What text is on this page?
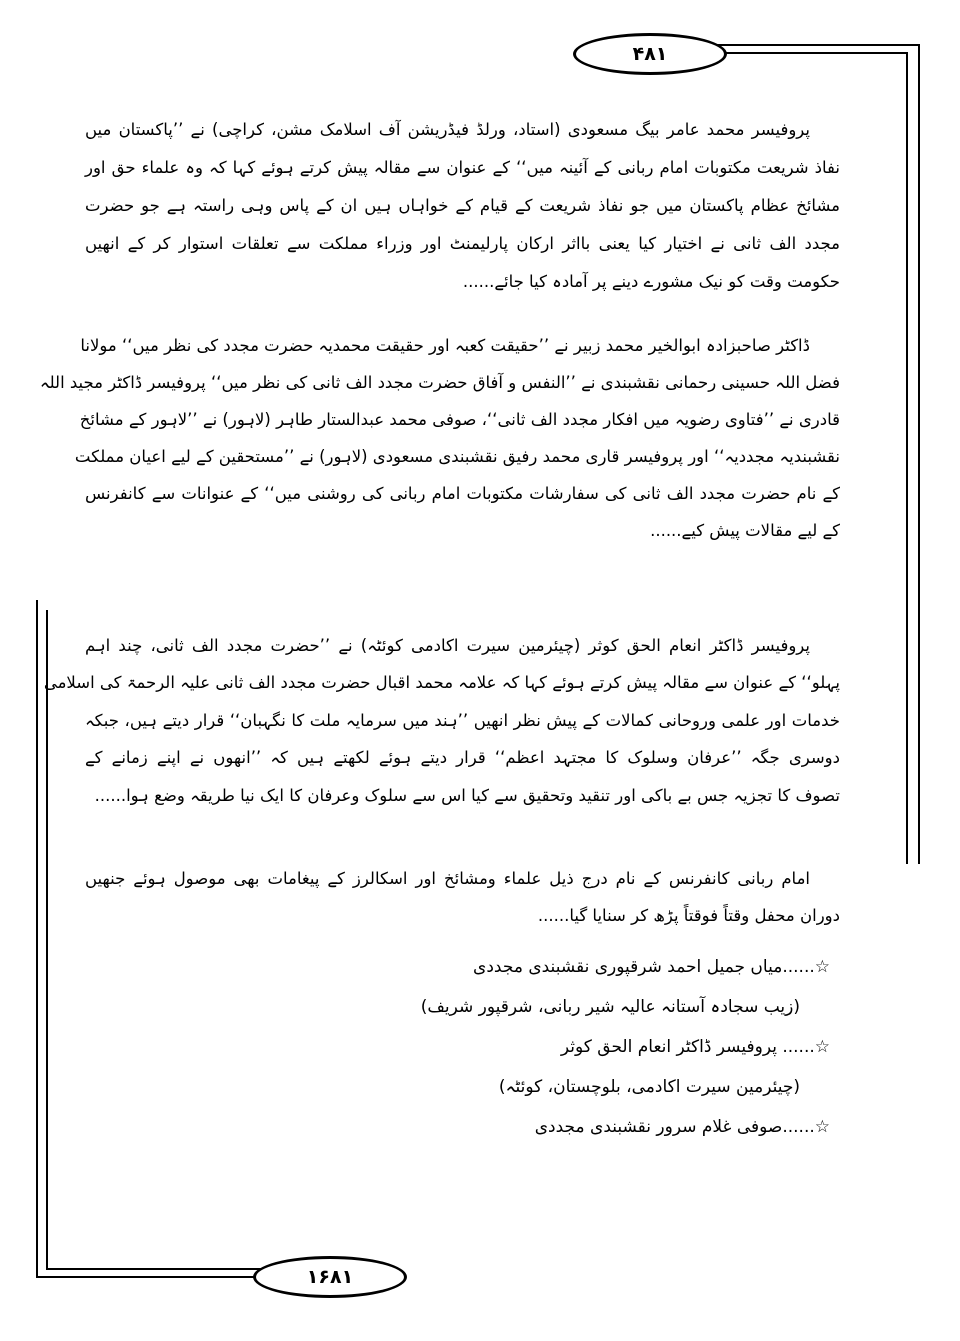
۴۸۱
۱۶۸۱
پروفیسر محمد عامر بیگ مسعودی (استاد، ورلڈ فیڈریشن آف اسلامک مشن، کراچی) نے ’’پاکستان میں
نفاذ شریعت مکتوبات امام ربانی کے آئینہ میں‘‘ کے عنوان سے مقالہ پیش کرتے ہوئے کہا کہ وہ علماء حق اور
مشائخ عظام پاکستان میں جو نفاذ شریعت کے قیام کے خواہاں ہیں ان کے پاس وہی راستہ ہے جو حضرت
مجدد الف ثانی نے اختیار کیا یعنی بااثر ارکان پارلیمنٹ اور وزراء مملکت سے تعلقات استوار کر کے انھیں
حکومت وقت کو نیک مشورے دینے پر آمادہ کیا جائے......
ڈاکٹر صاحبزادہ ابوالخیر محمد زبیر نے ’’حقیقت کعبہ اور حقیقت محمدیہ حضرت مجدد کی نظر میں‘‘ مولانا
فضل اللہ حسینی رحمانی نقشبندی نے ’’النفس و آفاق حضرت مجدد الف ثانی کی نظر میں‘‘ پروفیسر ڈاکٹر مجید اللہ
قادری نے ’’فتاوی رضویہ میں افکار مجدد الف ثانی‘‘، صوفی محمد عبدالستار طاہر (لاہور) نے ’’لاہور کے مشائخ
نقشبندیہ مجددیہ‘‘ اور پروفیسر قاری محمد رفیق نقشبندی مسعودی (لاہور) نے ’’مستحقین کے لیے اعیان مملکت
کے نام حضرت مجدد الف ثانی کی سفارشات مکتوبات امام ربانی کی روشنی میں‘‘ کے عنوانات سے کانفرنس
کے لیے مقالات پیش کیے......
پروفیسر ڈاکٹر انعام الحق کوثر (چیئرمین سیرت اکادمی کوئٹہ) نے ’’حضرت مجدد الف ثانی، چند اہم
پہلو‘‘ کے عنوان سے مقالہ پیش کرتے ہوئے کہا کہ علامہ محمد اقبال حضرت مجدد الف ثانی علیہ الرحمۃ کی اسلامی
خدمات اور علمی وروحانی کمالات کے پیش نظر انھیں ’’ہند میں سرمایہ ملت کا نگہبان‘‘ قرار دیتے ہیں، جبکہ
دوسری جگہ ’’عرفان وسلوک کا مجتہد اعظم‘‘ قرار دیتے ہوئے لکھتے ہیں کہ ’’انھوں نے اپنے زمانے کے
تصوف کا تجزیہ جس بے باکی اور تنقید وتحقیق سے کیا اس سے سلوک وعرفان کا ایک نیا طریقہ وضع ہوا......
امام ربانی کانفرنس کے نام درج ذیل علماء ومشائخ اور اسکالرز کے پیغامات بھی موصول ہوئے جنھیں
دوران محفل وقتاً فوقتاً پڑھ کر سنایا گیا......
☆......میاں جمیل احمد شرقپوری نقشبندی مجددی
(زیب سجادہ آستانہ عالیہ شیر ربانی، شرقپور شریف)
☆...... پروفیسر ڈاکٹر انعام الحق کوثر
(چیئرمین سیرت اکادمی، بلوچستان، کوئٹہ)
☆......صوفی غلام سرور نقشبندی مجددی
